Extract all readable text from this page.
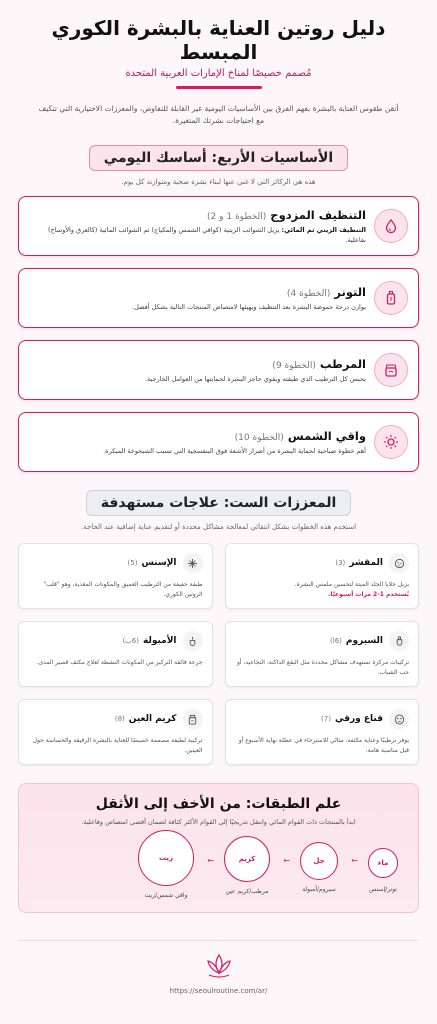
دليل روتين العناية بالبشرة الكوري المبسط
مُصمم خصيصًا لمناخ الإمارات العربية المتحدة

أتقن طقوس العناية بالبشرة بفهم الفرق بين الأساسيات اليومية غير القابلة للتفاوض، والمعززات الاختيارية التي تتكيف مع احتياجات بشرتك المتغيرة.

الأساسيات الأربع: أساسك اليومي
هذه هي الركائز التي لا غنى عنها لبناء بشرة صحية ومتوازنة كل يوم.
التنظيف المزدوج (الخطوة 1 و 2)
التنظيف الزيتي ثم المائي: يزيل الشوائب الزيتية (كواقي الشمس والمكياج) ثم الشوائب المائية (كالعرق والأوساخ) بفاعلية.
التونر (الخطوة 4)
يوازن درجة حموضة البشرة بعد التنظيف ويهيئها لامتصاص المنتجات التالية بشكل أفضل.
المرطب (الخطوة 9)
يحبس كل الترطيب الذي طبقته ويقوي حاجز البشرة لحمايتها من العوامل الخارجية.
واقي الشمس (الخطوة 10)
أهم خطوة صباحية لحماية البشرة من أضرار الأشعة فوق البنفسجية التي تسبب الشيخوخة المبكرة.
المعززات الست: علاجات مستهدفة
استخدم هذه الخطوات بشكل انتقائي لمعالجة مشاكل محددة أو لتقديم عناية إضافية عند الحاجة.
المقشر
(3)
يزيل خلايا الجلد الميتة لتحسين ملمس البشرة.
يُستخدم 1-2 مرات أسبوعيًا.
الإسنس
(5)
طبقة خفيفة من الترطيب العميق والمكونات المغذية، وهو "قلب" الروتين الكوري.
السيروم
(6ا)
تركيبات مركزة تستهدف مشاكل محددة مثل البقع الداكنة، التجاعيد، أو حب الشباب.
الأمبولة
(6ب)
جرعة فائقة التركيز من المكونات النشطة لعلاج مكثف قصير المدى.
قناع ورقي
(7)
يوفر ترطيبًا وعناية مكثفة، مثالي للاسترخاء في عطلة نهاية الأسبوع أو قبل مناسبة هامة.
كريم العين
(8)
تركيبة لطيفة مصممة خصيصًا للعناية بالبشرة الرقيقة والحساسة حول العينين.
علم الطبقات: من الأخف إلى الأثقل
ابدأ بالمنتجات ذات القوام المائي وانتقل تدريجيًا إلى القوام الأكثر كثافة لضمان أقصى امتصاص وفاعلية.
ماء
تونر/إسنس
←
جل
سيروم/أمبولة
←
كريم
مرطب/كريم عين
←
زيت
واقي شمس/زيت
https://seoulroutine.com/ar/
